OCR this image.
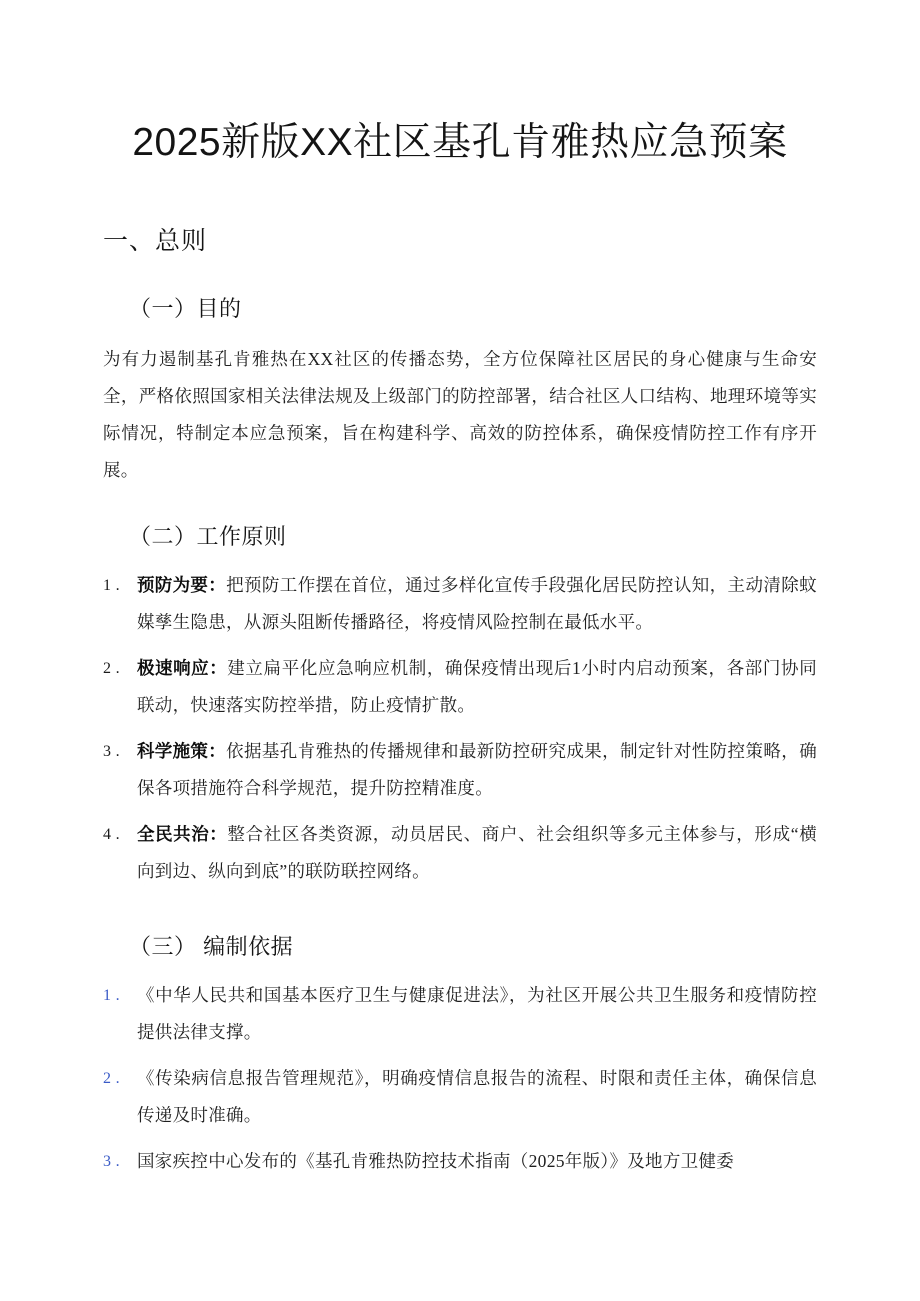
2025新版XX社区基孔肯雅热应急预案
一、总则
（一）目的

为有力遏制基孔肯雅热在XX社区的传播态势，全方位保障社区居民的身心健康与生命安全，严格依照国家相关法律法规及上级部门的防控部署，结合社区人口结构、地理环境等实际情况，特制定本应急预案，旨在构建科学、高效的防控体系，确保疫情防控工作有序开展。

（二）工作原则
1 . 预防为要：把预防工作摆在首位，通过多样化宣传手段强化居民防控认知，主动清除蚊媒孳生隐患，从源头阻断传播路径，将疫情风险控制在最低水平。
2 . 极速响应：建立扁平化应急响应机制，确保疫情出现后1小时内启动预案，各部门协同联动，快速落实防控举措，防止疫情扩散。
3 . 科学施策：依据基孔肯雅热的传播规律和最新防控研究成果，制定针对性防控策略，确保各项措施符合科学规范，提升防控精准度。
4 . 全民共治：整合社区各类资源，动员居民、商户、社会组织等多元主体参与，形成“横向到边、纵向到底”的联防联控网络。
（三） 编制依据
1 . 《中华人民共和国基本医疗卫生与健康促进法》，为社区开展公共卫生服务和疫情防控提供法律支撑。
2 . 《传染病信息报告管理规范》，明确疫情信息报告的流程、时限和责任主体，确保信息传递及时准确。
3 . 国家疾控中心发布的《基孔肯雅热防控技术指南（2025年版）》及地方卫健委
